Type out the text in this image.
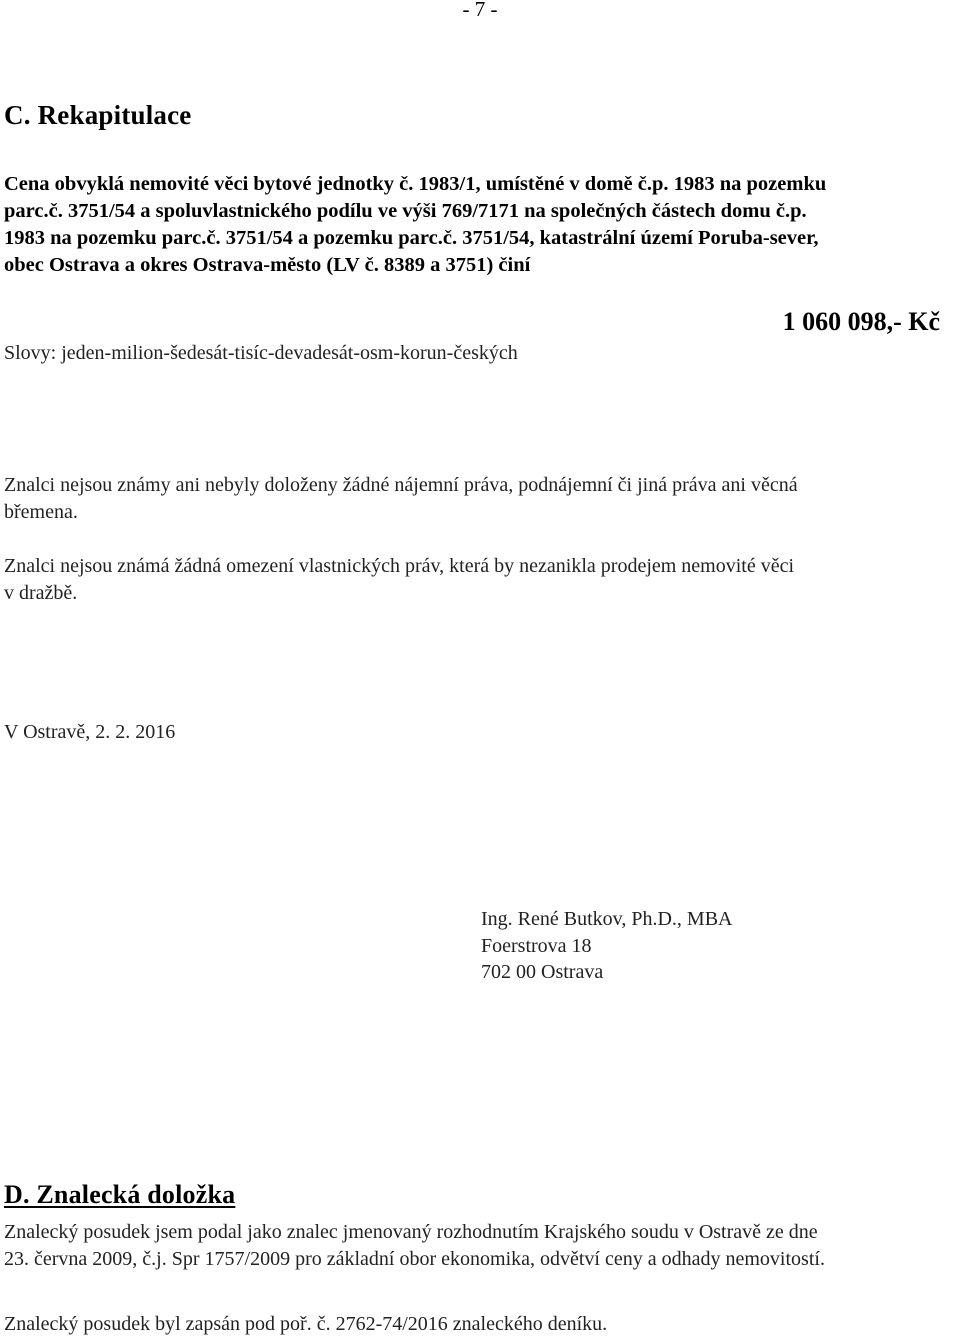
- 7 -
C. Rekapitulace
Cena obvyklá nemovité věci bytové jednotky č. 1983/1, umístěné v domě č.p. 1983 na pozemku
parc.č. 3751/54 a spoluvlastnického podílu ve výši 769/7171 na společných částech domu č.p.
1983 na pozemku parc.č. 3751/54 a pozemku parc.č. 3751/54, katastrální území Poruba-sever,
obec Ostrava a okres Ostrava-město (LV č. 8389 a 3751) činí
1 060 098,- Kč
Slovy: jeden-milion-šedesát-tisíc-devadesát-osm-korun-českých
Znalci nejsou známy ani nebyly doloženy žádné nájemní práva, podnájemní či jiná práva ani věcná
břemena.
Znalci nejsou známá žádná omezení vlastnických práv, která by nezanikla prodejem nemovité věci
v dražbě.
V Ostravě, 2. 2. 2016
Ing. René Butkov, Ph.D., MBA
Foerstrova 18
702 00 Ostrava
D. Znalecká doložka
Znalecký posudek jsem podal jako znalec jmenovaný rozhodnutím Krajského soudu v Ostravě ze dne
23. června 2009, č.j. Spr 1757/2009 pro základní obor ekonomika, odvětví ceny a odhady nemovitostí.
Znalecký posudek byl zapsán pod poř. č. 2762-74/2016 znaleckého deníku.
